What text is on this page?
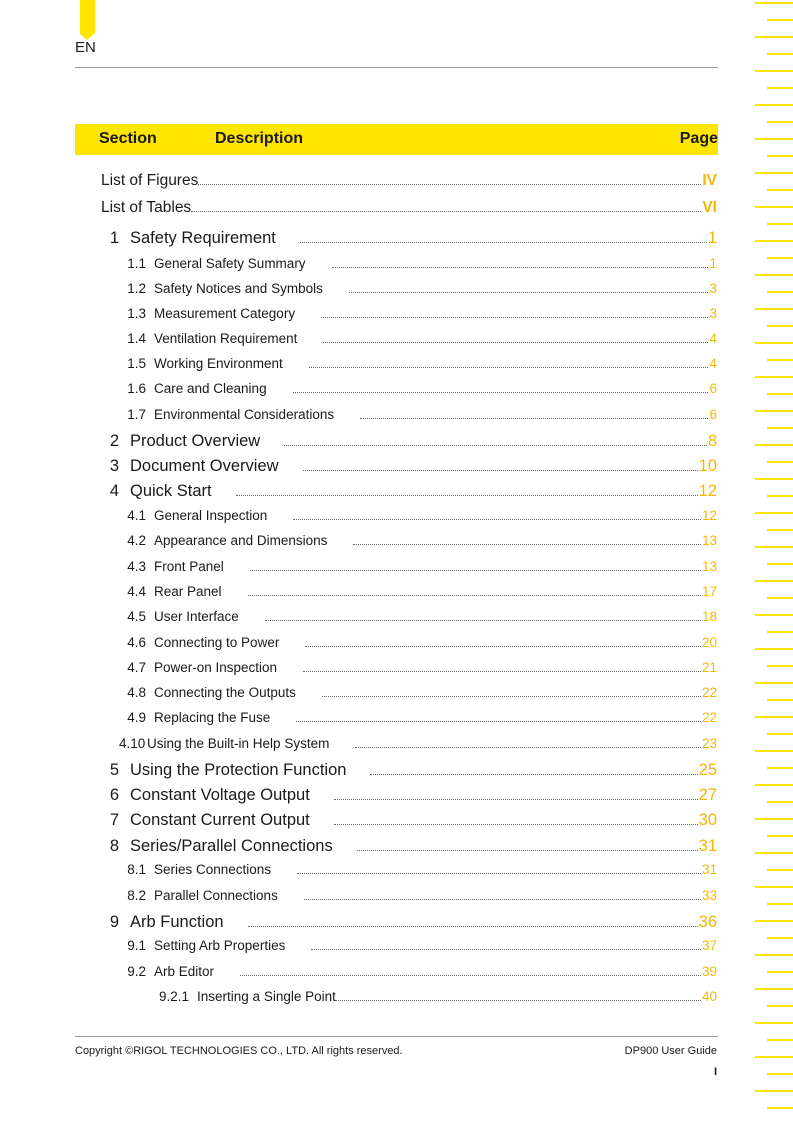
EN
Section	Description	Page
List of Figures	IV
List of Tables	VI
1 Safety Requirement	1
1.1 General Safety Summary	1
1.2 Safety Notices and Symbols	3
1.3 Measurement Category	3
1.4 Ventilation Requirement	4
1.5 Working Environment	4
1.6 Care and Cleaning	6
1.7 Environmental Considerations	6
2 Product Overview	8
3 Document Overview	10
4 Quick Start	12
4.1 General Inspection	12
4.2 Appearance and Dimensions	13
4.3 Front Panel	13
4.4 Rear Panel	17
4.5 User Interface	18
4.6 Connecting to Power	20
4.7 Power-on Inspection	21
4.8 Connecting the Outputs	22
4.9 Replacing the Fuse	22
4.10 Using the Built-in Help System	23
5 Using the Protection Function	25
6 Constant Voltage Output	27
7 Constant Current Output	30
8 Series/Parallel Connections	31
8.1 Series Connections	31
8.2 Parallel Connections	33
9 Arb Function	36
9.1 Setting Arb Properties	37
9.2 Arb Editor	39
9.2.1 Inserting a Single Point	40
Copyright ©RIGOL TECHNOLOGIES CO., LTD. All rights reserved.	DP900 User Guide
I
